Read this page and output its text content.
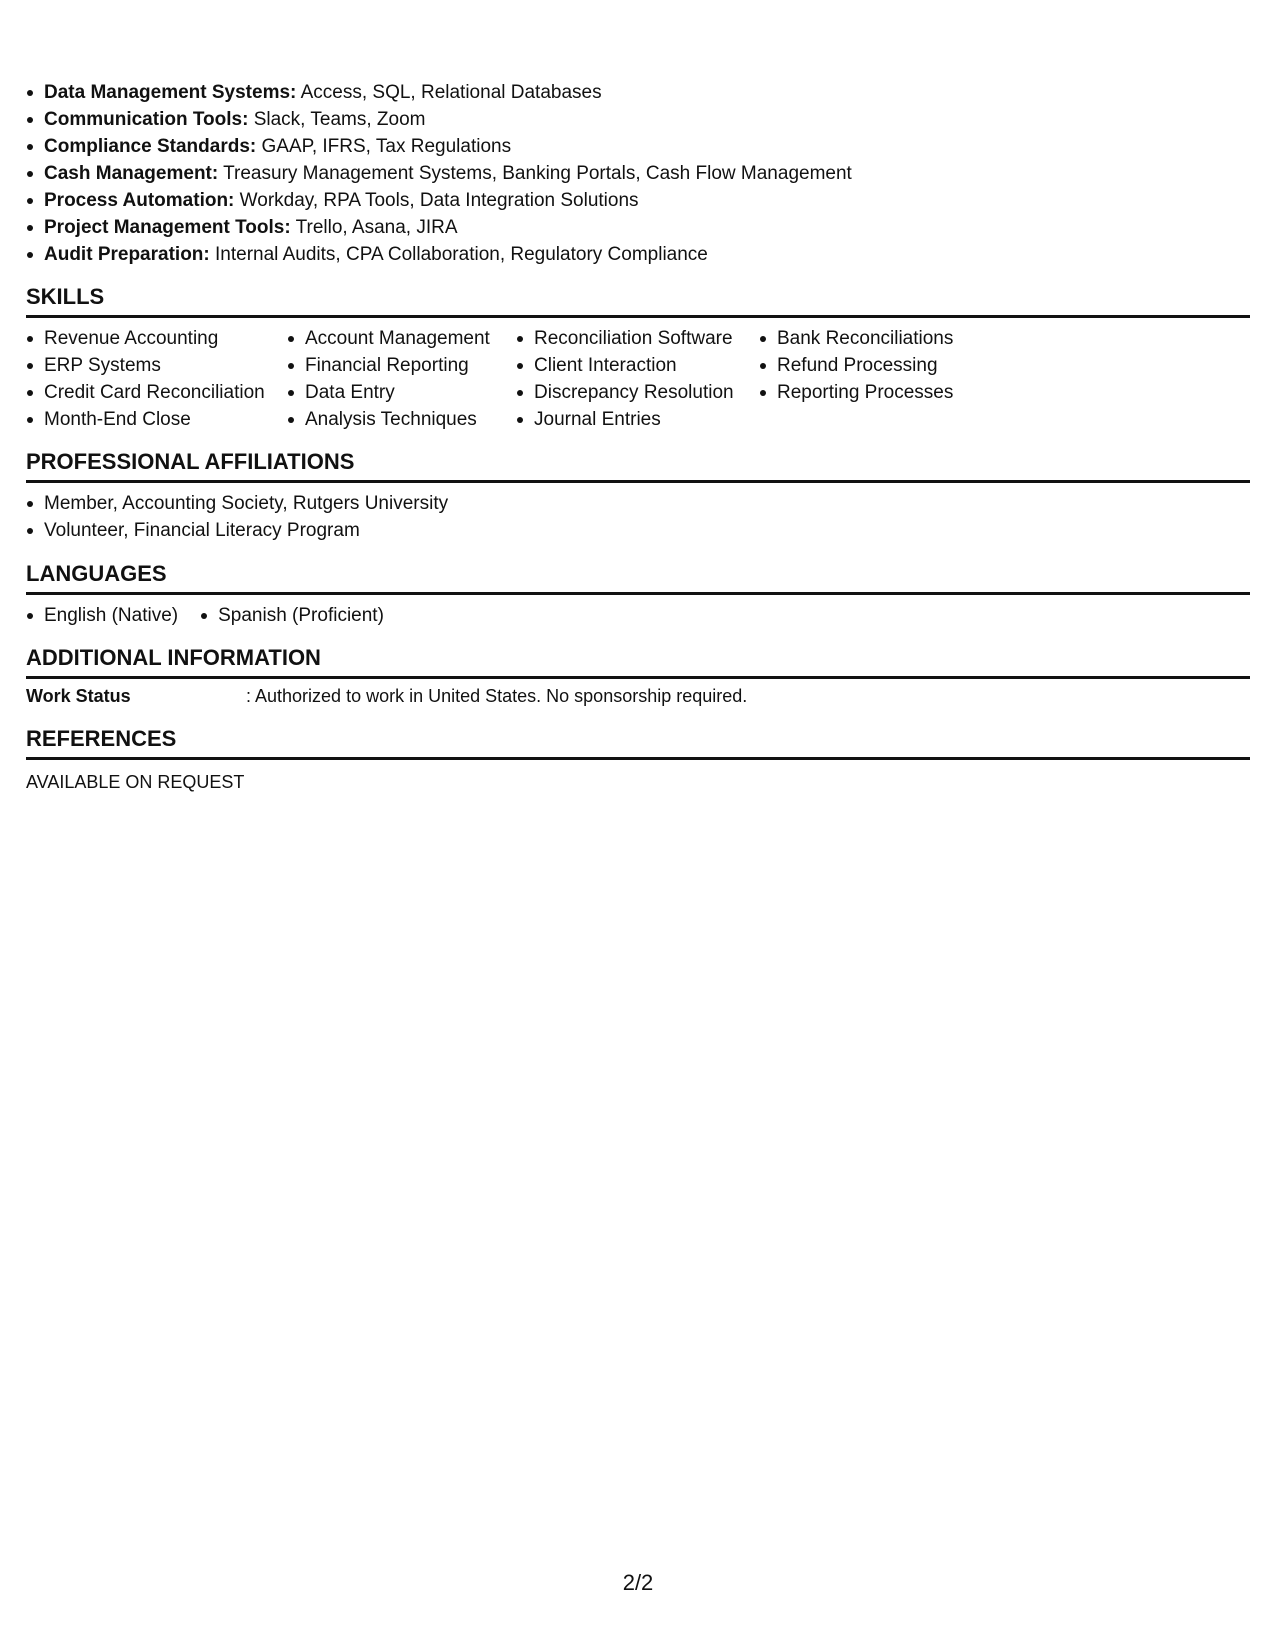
Data Management Systems: Access, SQL, Relational Databases
Communication Tools: Slack, Teams, Zoom
Compliance Standards: GAAP, IFRS, Tax Regulations
Cash Management: Treasury Management Systems, Banking Portals, Cash Flow Management
Process Automation: Workday, RPA Tools, Data Integration Solutions
Project Management Tools: Trello, Asana, JIRA
Audit Preparation: Internal Audits, CPA Collaboration, Regulatory Compliance
SKILLS
Revenue Accounting
ERP Systems
Credit Card Reconciliation
Month-End Close
Account Management
Financial Reporting
Data Entry
Analysis Techniques
Reconciliation Software
Client Interaction
Discrepancy Resolution
Journal Entries
Bank Reconciliations
Refund Processing
Reporting Processes
PROFESSIONAL AFFILIATIONS
Member, Accounting Society, Rutgers University
Volunteer, Financial Literacy Program
LANGUAGES
English (Native)	Spanish (Proficient)
ADDITIONAL INFORMATION
Work Status	: Authorized to work in United States. No sponsorship required.
REFERENCES
AVAILABLE ON REQUEST
2/2
